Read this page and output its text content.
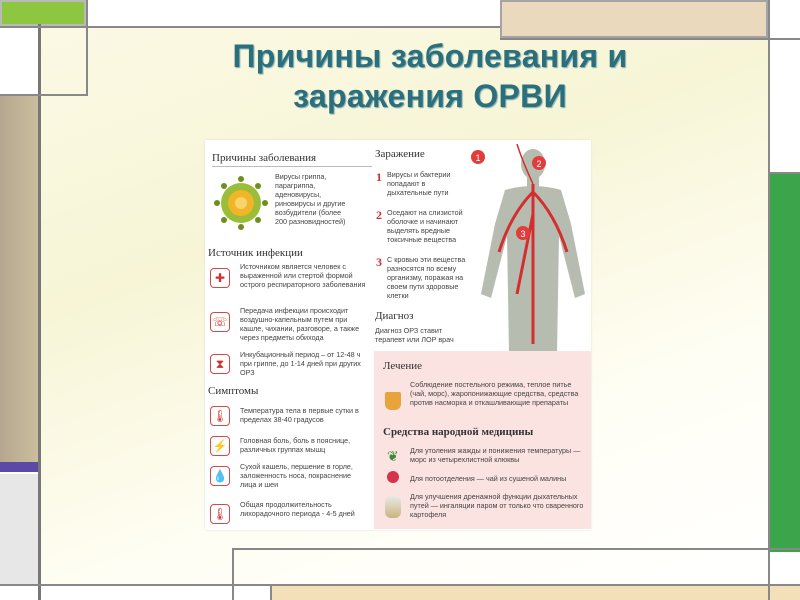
Причины заболевания и
заражения ОРВИ
Причины заболевания
Вирусы гриппа, парагриппа, аденовирусы, риновирусы и другие возбудители (более 200 разновидностей)
Источник инфекции
✚
Источником является человек с выраженной или стертой формой острого респираторного заболевания
☏
Передача инфекции происходит воздушно-капельным путем при кашле, чихании, разговоре, а также через предметы обихода
⧗
Инкубационный период – от 12-48 ч при гриппе, до 1-14 дней при других ОРЗ
Симптомы
🌡	Температура тела в первые сутки в пределах 38-40 градусов
⚡	Головная боль, боль в пояснице, различных группах мышц
💧
Сухой кашель, першение в горле, заложенность носа, покраснение лица и шеи
🌡
Общая продолжительность лихорадочного периода - 4-5 дней
Заражение
1 Вирусы и бактерии попадают в дыхательные пути
2 Оседают на слизистой оболочке и начинают выделять вредные токсичные вещества
3 С кровью эти вещества разносятся по всему организму, поражая на своем пути здоровые клетки
1
2
3
Диагноз
Диагноз ОРЗ ставит терапевт или ЛОР врач
Лечение
Соблюдение постельного режима, теплое питье (чай, морс), жаропонижающие средства, средства против насморка и откашливающие препараты
Средства народной медицины
❦ Для утоления жажды и понижения температуры — морс из четырехлистной клюквы
Для потоотделения — чай из сушеной малины
Для улучшения дренажной функции дыхательных путей — ингаляции паром от только что сваренного картофеля
